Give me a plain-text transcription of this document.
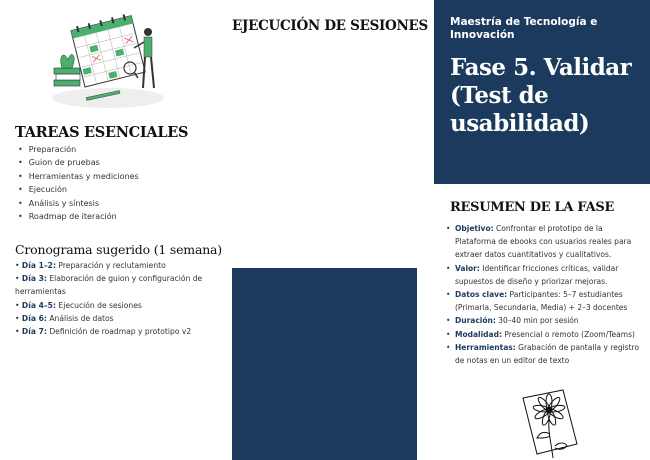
TAREAS ESENCIALES
• Preparación
• Guion de pruebas
• Herramientas y mediciones
• Ejecución
• Análisis y síntesis
• Roadmap de iteración
Cronograma sugerido (1 semana)
• Día 1–2: Preparación y reclutamiento
• Día 3: Elaboración de guion y configuración de herramientas
• Día 4–5: Ejecución de sesiones
• Día 6: Análisis de datos
• Día 7: Definición de roadmap y prototipo v2
EJECUCIÓN DE SESIONES Maestría de Tecnología e Innovación
Fase 5. Validar (Test de usabilidad)
RESUMEN DE LA FASE
• Objetivo: Confrontar el prototipo de la Plataforma de ebooks con usuarios reales para extraer datos cuantitativos y cualitativos.
• Valor: Identificar fricciones críticas, validar supuestos de diseño y priorizar mejoras.
• Datos clave: Participantes: 5–7 estudiantes (Primaria, Secundaria, Media) + 2–3 docentes
• Duración: 30–40 min por sesión
• Modalidad: Presencial o remoto (Zoom/Teams)
• Herramientas: Grabación de pantalla y registro de notas en un editor de texto
